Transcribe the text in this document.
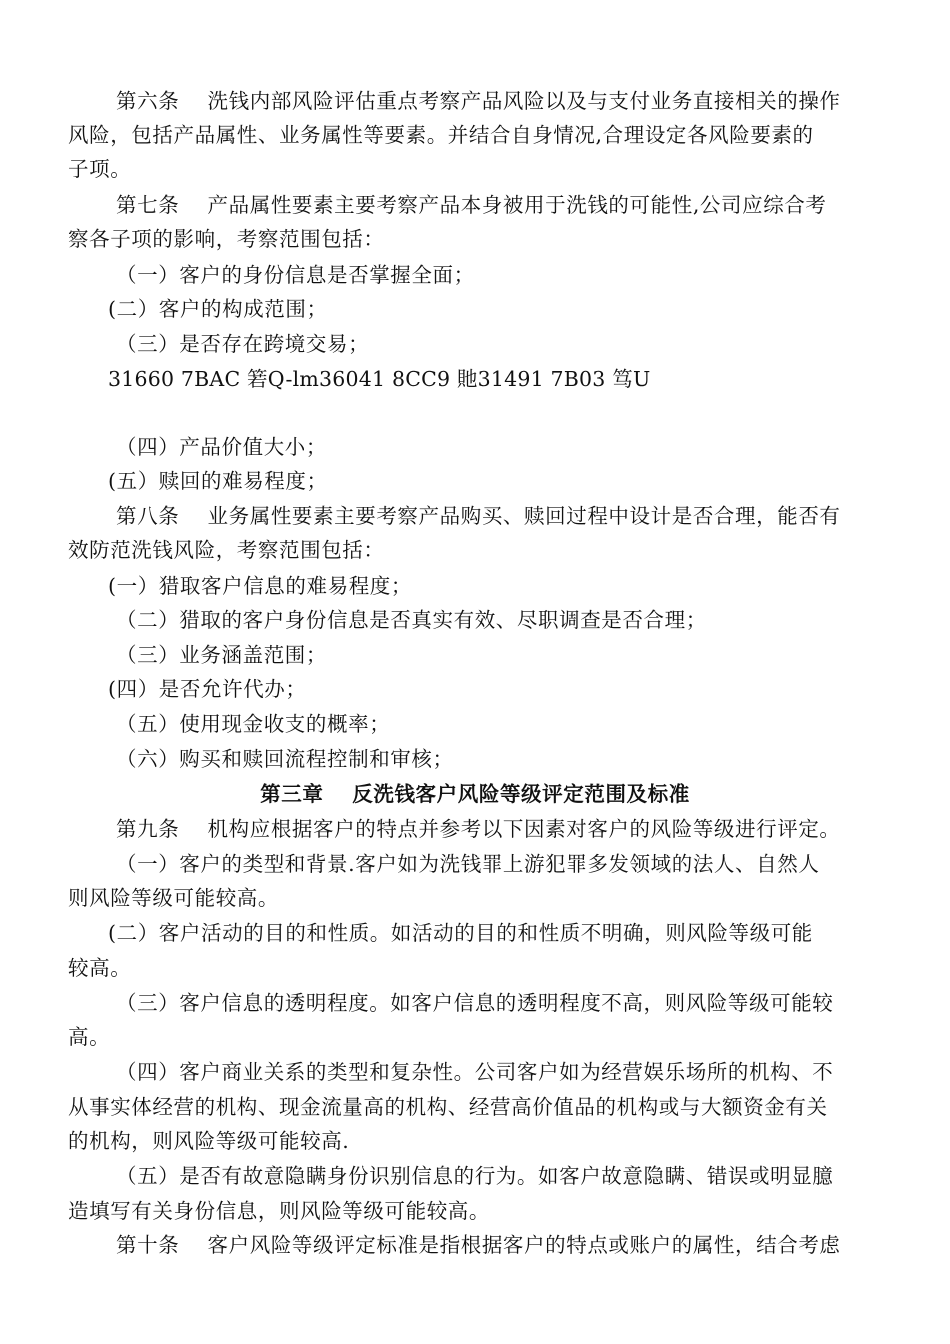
第六条　 洗钱内部风险评估重点考察产品风险以及与支付业务直接相关的操作
风险，包括产品属性、业务属性等要素。并结合自身情况,合理设定各风险要素的
子项。
第七条　 产品属性要素主要考察产品本身被用于洗钱的可能性,公司应综合考
察各子项的影响，考察范围包括：
（一）客户的身份信息是否掌握全面；
(二）客户的构成范围；
（三）是否存在跨境交易；
31660 7BAC 箬Q-lm36041 8CC9 貤31491 7B03 笃U
（四）产品价值大小；
(五）赎回的难易程度；
第八条　 业务属性要素主要考察产品购买、赎回过程中设计是否合理，能否有
效防范洗钱风险，考察范围包括：
(一）猎取客户信息的难易程度；
（二）猎取的客户身份信息是否真实有效、尽职调查是否合理；
（三）业务涵盖范围；
(四）是否允许代办；
（五）使用现金收支的概率；
（六）购买和赎回流程控制和审核；
第三章　 反洗钱客户风险等级评定范围及标准
第九条　 机构应根据客户的特点并参考以下因素对客户的风险等级进行评定。
（一）客户的类型和背景.客户如为洗钱罪上游犯罪多发领域的法人、自然人
则风险等级可能较高。
(二）客户活动的目的和性质。如活动的目的和性质不明确，则风险等级可能
较高。
（三）客户信息的透明程度。如客户信息的透明程度不高，则风险等级可能较
高。
（四）客户商业关系的类型和复杂性。公司客户如为经营娱乐场所的机构、不
从事实体经营的机构、现金流量高的机构、经营高价值品的机构或与大额资金有关
的机构，则风险等级可能较高.
（五）是否有故意隐瞒身份识别信息的行为。如客户故意隐瞒、错误或明显臆
造填写有关身份信息，则风险等级可能较高。
第十条　 客户风险等级评定标准是指根据客户的特点或账户的属性，结合考虑
